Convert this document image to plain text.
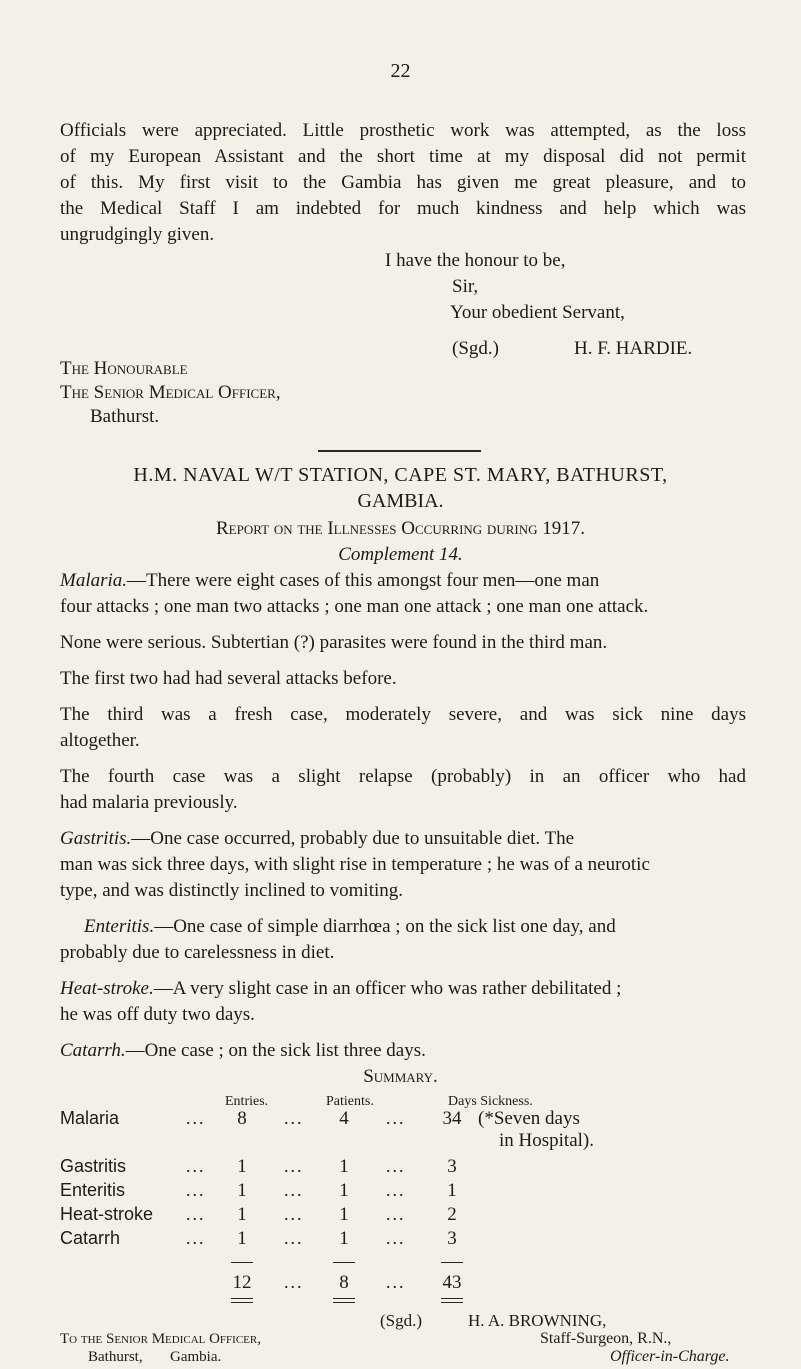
22
Officials were appreciated. Little prosthetic work was attempted, as the loss
of my European Assistant and the short time at my disposal did not permit
of this. My first visit to the Gambia has given me great pleasure, and to
the Medical Staff I am indebted for much kindness and help which was
ungrudgingly given.
I have the honour to be,
Sir,
Your obedient Servant,
(Sgd.)	H. F. HARDIE.
The Honourable
The Senior Medical Officer,
Bathurst.
H.M. NAVAL W/T STATION, CAPE ST. MARY, BATHURST,
GAMBIA.
Report on the Illnesses Occurring during 1917.
Complement 14.
Malaria.—There were eight cases of this amongst four men—one man
four attacks ; one man two attacks ; one man one attack ; one man one attack.
None were serious. Subtertian (?) parasites were found in the third man.
The first two had had several attacks before.
The third was a fresh case, moderately severe, and was sick nine days
altogether.
The fourth case was a slight relapse (probably) in an officer who had
had malaria previously.
Gastritis.—One case occurred, probably due to unsuitable diet. The
man was sick three days, with slight rise in temperature ; he was of a neurotic
type, and was distinctly inclined to vomiting.
Enteritis.—One case of simple diarrhœa ; on the sick list one day, and
probably due to carelessness in diet.
Heat-stroke.—A very slight case in an officer who was rather debilitated ;
he was off duty two days.
Catarrh.—One case ; on the sick list three days.
Summary.
Entries.	Patients.	Days Sickness.
Malaria	...	8	...	4	...	34 (*Seven days
in Hospital).
Gastritis	...	1	...	1	...	3
Enteritis	...	1	...	1	...	1
Heat-stroke ...	1	...	1	...	2
Catarrh	...	1	...	1	...	3
12	...	8	...	43
(Sgd.)	H. A. BROWNING,
Staff-Surgeon, R.N.,
Officer-in-Charge.
To the Senior Medical Officer,
Bathurst, Gambia.
